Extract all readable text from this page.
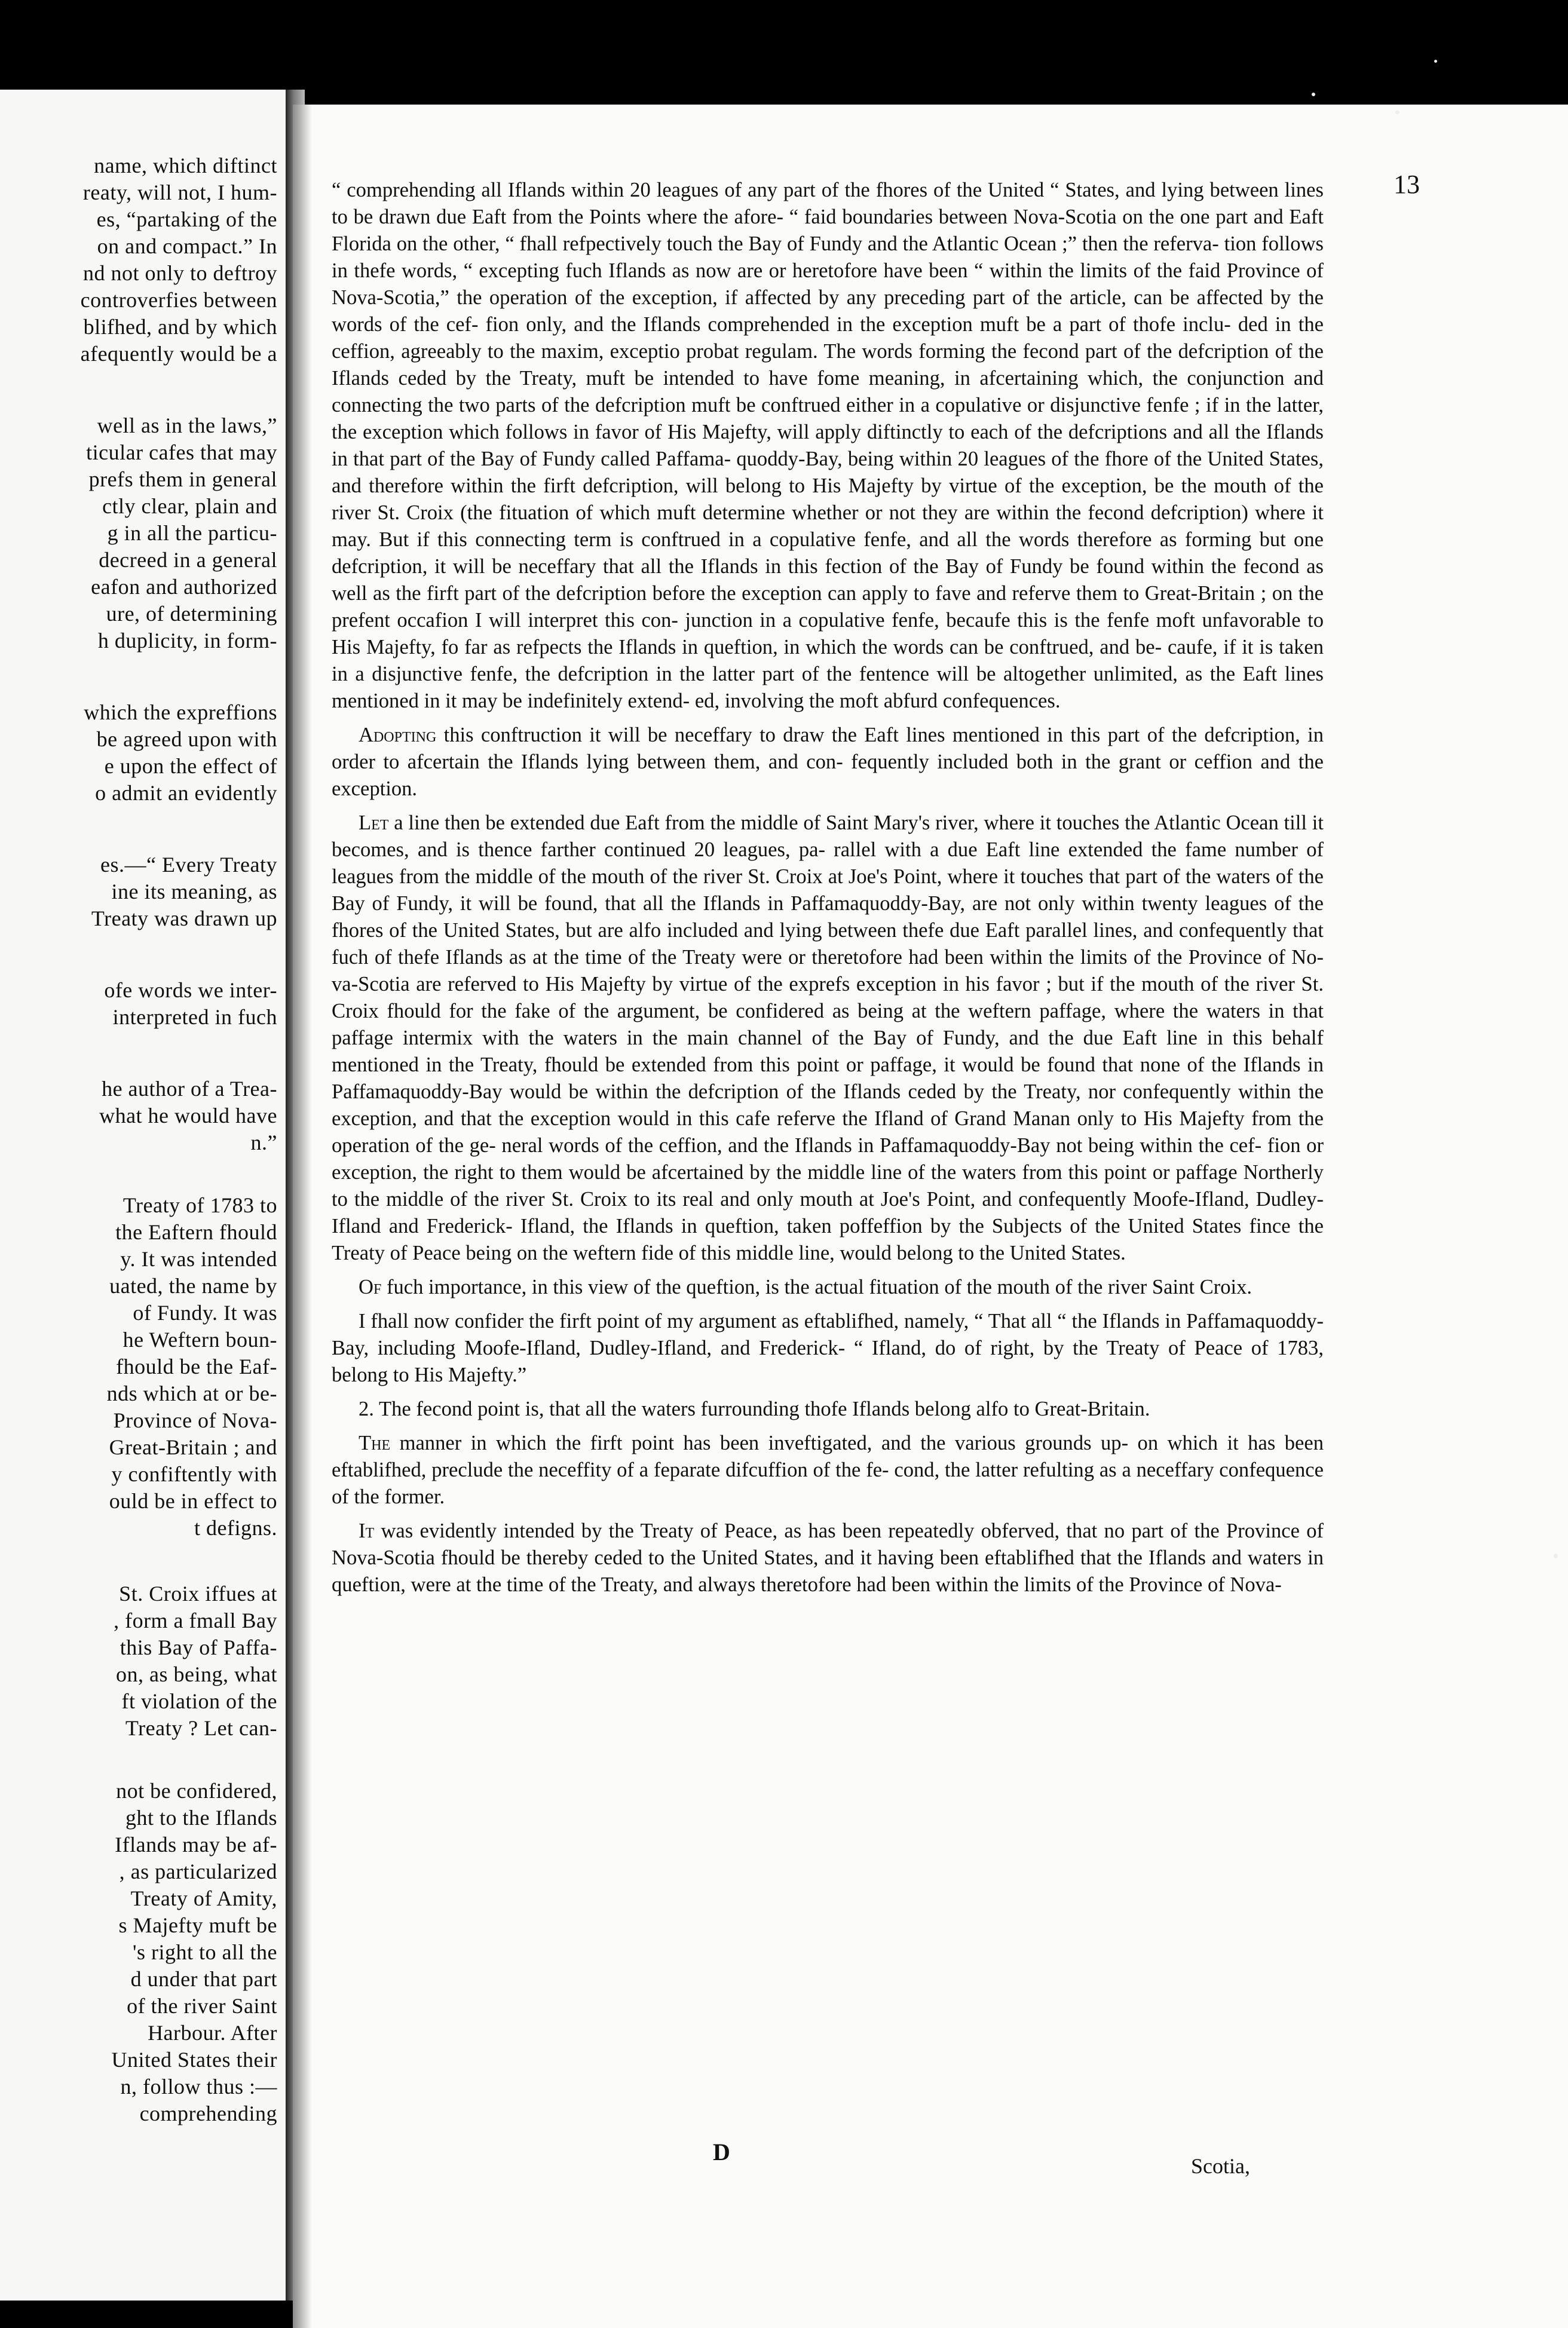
name, which diftinct
reaty, will not, I hum-
es, “partaking of the
on and compact.” In
nd not only to deftroy
controverfies between
blifhed, and by which
afequently would be a
well as in the laws,”
ticular cafes that may
prefs them in general
ctly clear, plain and
g in all the particu-
decreed in a general
eafon and authorized
ure, of determining
h duplicity, in form-
which the expreffions
be agreed upon with
e upon the effect of
o admit an evidently
es.—“ Every Treaty
ine its meaning, as
Treaty was drawn up
ofe words we inter-
interpreted in fuch
he author of a Trea-
what he would have
n.”
Treaty of 1783 to
the Eaftern fhould
y. It was intended
uated, the name by
of Fundy. It was
he Weftern boun-
fhould be the Eaf-
nds which at or be-
Province of Nova-
Great-Britain ; and
y confiftently with
ould be in effect to
t defigns.
St. Croix iffues at
, form a fmall Bay
this Bay of Paffa-
on, as being, what
ft violation of the
Treaty ? Let can-
not be confidered,
ght to the Iflands
Iflands may be af-
, as particularized
Treaty of Amity,
s Majefty muft be
's right to all the
d under that part
of the river Saint
Harbour. After
United States their
n, follow thus :—
comprehending
13

“ comprehending all Iflands within 20 leagues of any part of the fhores of the United “ States, and lying between lines to be drawn due Eaft from the Points where the afore- “ faid boundaries between Nova-Scotia on the one part and Eaft Florida on the other, “ fhall refpectively touch the Bay of Fundy and the Atlantic Ocean ;” then the referva- tion follows in thefe words, “ excepting fuch Iflands as now are or heretofore have been “ within the limits of the faid Province of Nova-Scotia,” the operation of the exception, if affected by any preceding part of the article, can be affected by the words of the cef- fion only, and the Iflands comprehended in the exception muft be a part of thofe inclu- ded in the ceffion, agreeably to the maxim, exceptio probat regulam. The words forming the fecond part of the defcription of the Iflands ceded by the Treaty, muft be intended to have fome meaning, in afcertaining which, the conjunction and connecting the two parts of the defcription muft be conftrued either in a copulative or disjunctive fenfe ; if in the latter, the exception which follows in favor of His Majefty, will apply diftinctly to each of the defcriptions and all the Iflands in that part of the Bay of Fundy called Paffama- quoddy-Bay, being within 20 leagues of the fhore of the United States, and therefore within the firft defcription, will belong to His Majefty by virtue of the exception, be the mouth of the river St. Croix (the fituation of which muft determine whether or not they are within the fecond defcription) where it may. But if this connecting term is conftrued in a copulative fenfe, and all the words therefore as forming but one defcription, it will be neceffary that all the Iflands in this fection of the Bay of Fundy be found within the fecond as well as the firft part of the defcription before the exception can apply to fave and referve them to Great-Britain ; on the prefent occafion I will interpret this con- junction in a copulative fenfe, becaufe this is the fenfe moft unfavorable to His Majefty, fo far as refpects the Iflands in queftion, in which the words can be conftrued, and be- caufe, if it is taken in a disjunctive fenfe, the defcription in the latter part of the fentence will be altogether unlimited, as the Eaft lines mentioned in it may be indefinitely extend- ed, involving the moft abfurd confequences.

Adopting this conftruction it will be neceffary to draw the Eaft lines mentioned in this part of the defcription, in order to afcertain the Iflands lying between them, and con- fequently included both in the grant or ceffion and the exception.

Let a line then be extended due Eaft from the middle of Saint Mary's river, where it touches the Atlantic Ocean till it becomes, and is thence farther continued 20 leagues, pa- rallel with a due Eaft line extended the fame number of leagues from the middle of the mouth of the river St. Croix at Joe's Point, where it touches that part of the waters of the Bay of Fundy, it will be found, that all the Iflands in Paffamaquoddy-Bay, are not only within twenty leagues of the fhores of the United States, but are alfo included and lying between thefe due Eaft parallel lines, and confequently that fuch of thefe Iflands as at the time of the Treaty were or theretofore had been within the limits of the Province of No- va-Scotia are referved to His Majefty by virtue of the exprefs exception in his favor ; but if the mouth of the river St. Croix fhould for the fake of the argument, be confidered as being at the weftern paffage, where the waters in that paffage intermix with the waters in the main channel of the Bay of Fundy, and the due Eaft line in this behalf mentioned in the Treaty, fhould be extended from this point or paffage, it would be found that none of the Iflands in Paffamaquoddy-Bay would be within the defcription of the Iflands ceded by the Treaty, nor confequently within the exception, and that the exception would in this cafe referve the Ifland of Grand Manan only to His Majefty from the operation of the ge- neral words of the ceffion, and the Iflands in Paffamaquoddy-Bay not being within the cef- fion or exception, the right to them would be afcertained by the middle line of the waters from this point or paffage Northerly to the middle of the river St. Croix to its real and only mouth at Joe's Point, and confequently Moofe-Ifland, Dudley-Ifland and Frederick- Ifland, the Iflands in queftion, taken poffeffion by the Subjects of the United States fince the Treaty of Peace being on the weftern fide of this middle line, would belong to the United States.

Of fuch importance, in this view of the queftion, is the actual fituation of the mouth of the river Saint Croix.

I fhall now confider the firft point of my argument as eftablifhed, namely, “ That all “ the Iflands in Paffamaquoddy-Bay, including Moofe-Ifland, Dudley-Ifland, and Frederick- “ Ifland, do of right, by the Treaty of Peace of 1783, belong to His Majefty.”

2. The fecond point is, that all the waters furrounding thofe Iflands belong alfo to Great-Britain.

The manner in which the firft point has been inveftigated, and the various grounds up- on which it has been eftablifhed, preclude the neceffity of a feparate difcuffion of the fe- cond, the latter refulting as a neceffary confequence of the former.

It was evidently intended by the Treaty of Peace, as has been repeatedly obferved, that no part of the Province of Nova-Scotia fhould be thereby ceded to the United States, and it having been eftablifhed that the Iflands and waters in queftion, were at the time of the Treaty, and always theretofore had been within the limits of the Province of Nova-

D
Scotia,
